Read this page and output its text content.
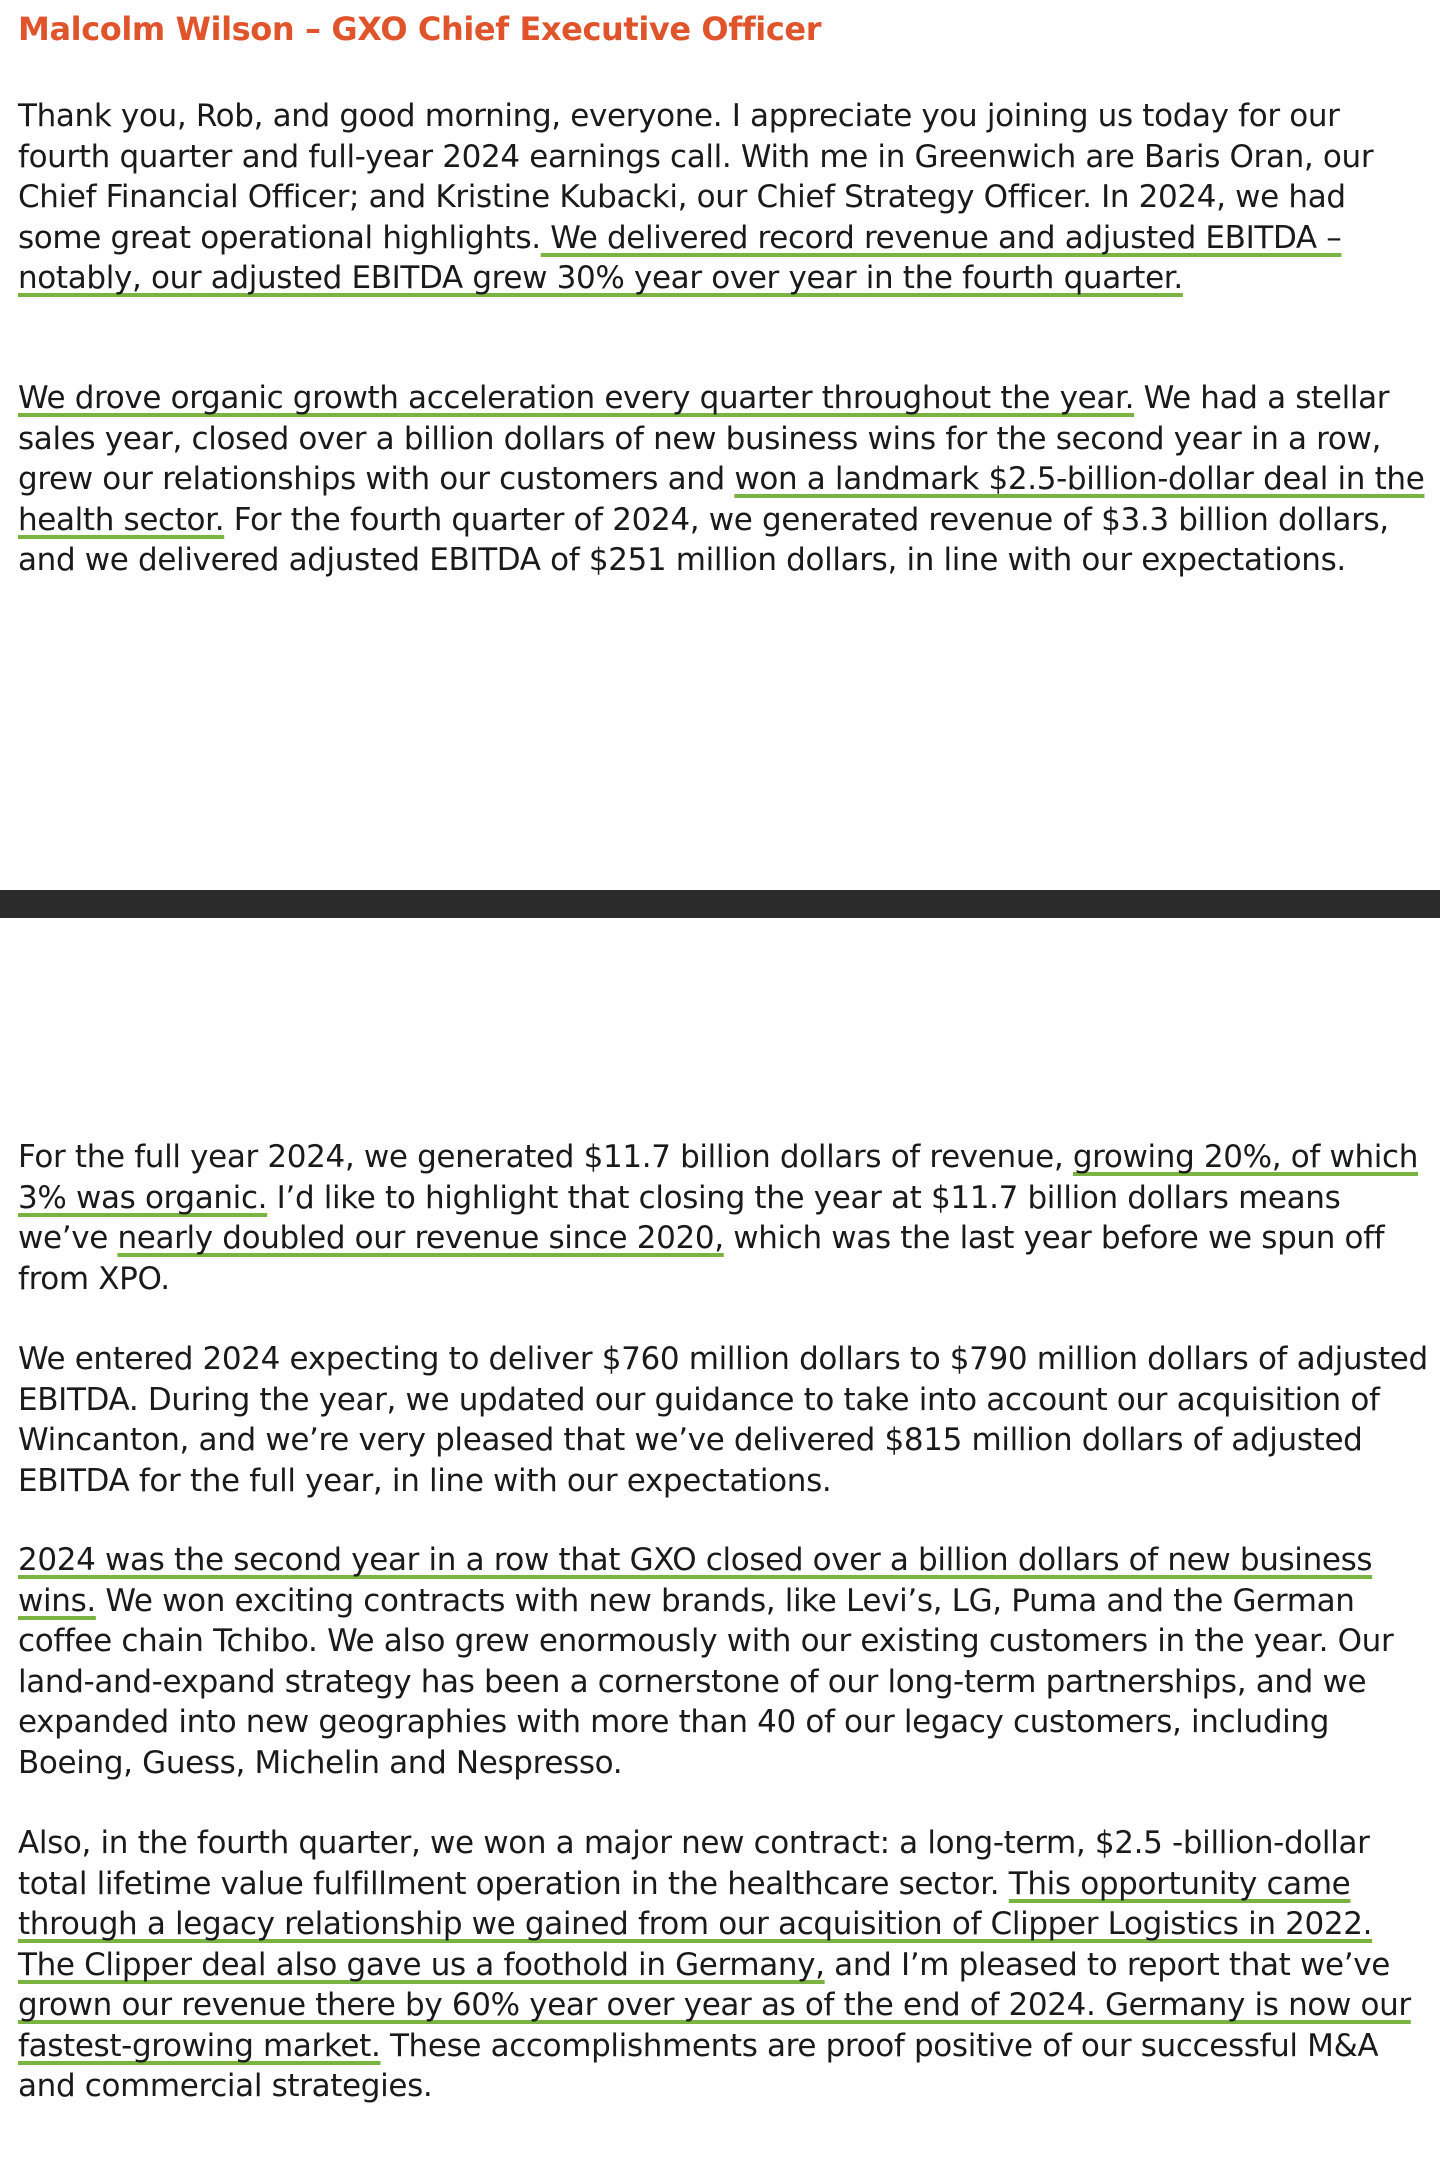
Malcolm Wilson – GXO Chief Executive Officer

Thank you, Rob, and good morning, everyone. I appreciate you joining us today for our fourth quarter and full-year 2024 earnings call. With me in Greenwich are Baris Oran, our Chief Financial Officer; and Kristine Kubacki, our Chief Strategy Officer. In 2024, we had some great operational highlights. We delivered record revenue and adjusted EBITDA – notably, our adjusted EBITDA grew 30% year over year in the fourth quarter.

We drove organic growth acceleration every quarter throughout the year. We had a stellar sales year, closed over a billion dollars of new business wins for the second year in a row, grew our relationships with our customers and won a landmark $2.5-billion-dollar deal in the health sector. For the fourth quarter of 2024, we generated revenue of $3.3 billion dollars, and we delivered adjusted EBITDA of $251 million dollars, in line with our expectations.

For the full year 2024, we generated $11.7 billion dollars of revenue, growing 20%, of which 3% was organic. I’d like to highlight that closing the year at $11.7 billion dollars means we’ve nearly doubled our revenue since 2020, which was the last year before we spun off from XPO.

We entered 2024 expecting to deliver $760 million dollars to $790 million dollars of adjusted EBITDA. During the year, we updated our guidance to take into account our acquisition of Wincanton, and we’re very pleased that we’ve delivered $815 million dollars of adjusted EBITDA for the full year, in line with our expectations.

2024 was the second year in a row that GXO closed over a billion dollars of new business wins. We won exciting contracts with new brands, like Levi’s, LG, Puma and the German coffee chain Tchibo. We also grew enormously with our existing customers in the year. Our land-and-expand strategy has been a cornerstone of our long-term partnerships, and we expanded into new geographies with more than 40 of our legacy customers, including Boeing, Guess, Michelin and Nespresso.

Also, in the fourth quarter, we won a major new contract: a long-term, $2.5 -billion-dollar total lifetime value fulfillment operation in the healthcare sector. This opportunity came through a legacy relationship we gained from our acquisition of Clipper Logistics in 2022. The Clipper deal also gave us a foothold in Germany, and I’m pleased to report that we’ve grown our revenue there by 60% year over year as of the end of 2024. Germany is now our fastest-growing market. These accomplishments are proof positive of our successful M&A and commercial strategies.
